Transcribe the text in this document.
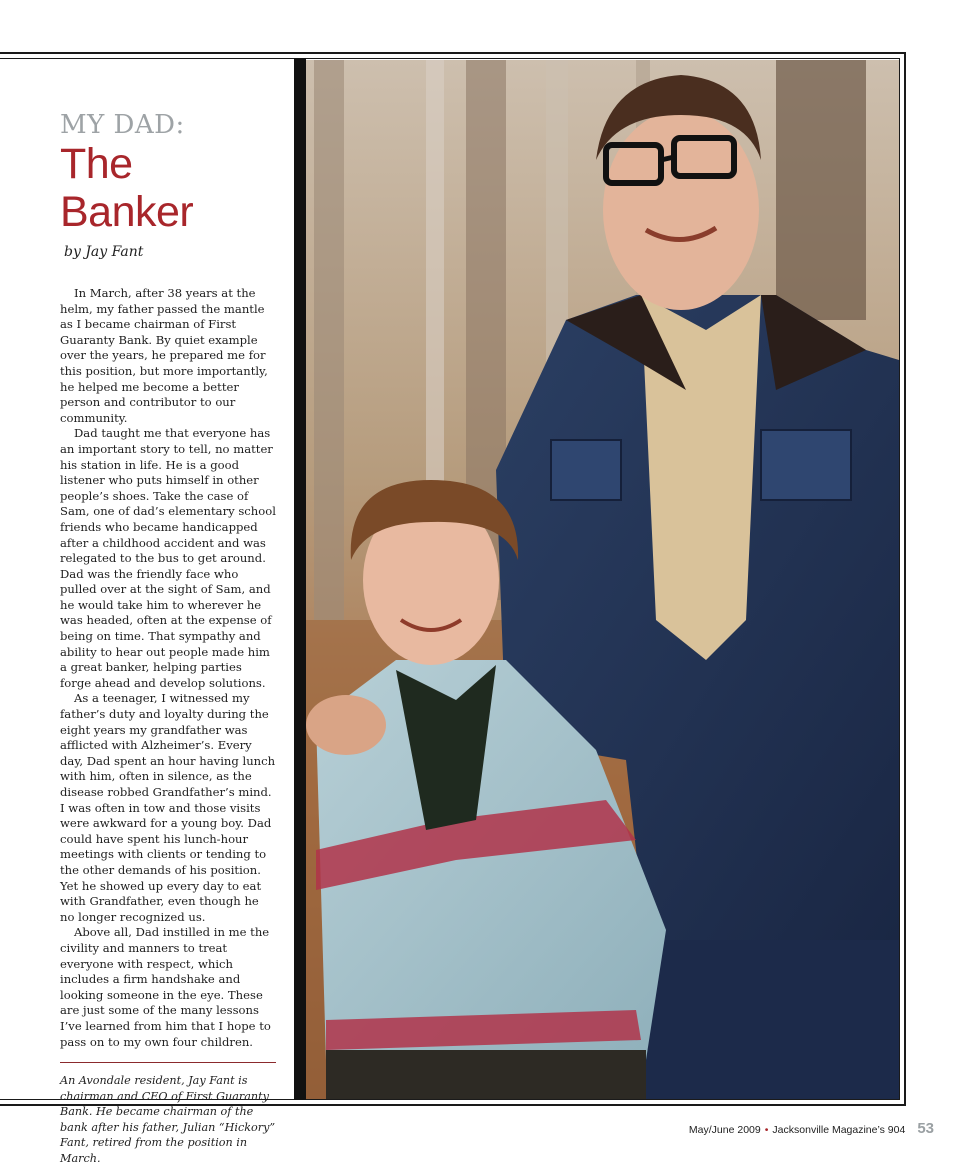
MY DAD:
The Banker
by Jay Fant

In March, after 38 years at the helm, my father passed the mantle as I became chairman of First Guaranty Bank. By quiet example over the years, he prepared me for this position, but more importantly, he helped me become a better person and contributor to our community.

Dad taught me that everyone has an important story to tell, no matter his station in life. He is a good listener who puts himself in other people’s shoes. Take the case of Sam, one of dad’s elementary school friends who became handicapped after a childhood accident and was relegated to the bus to get around. Dad was the friendly face who pulled over at the sight of Sam, and he would take him to wherever he was headed, often at the expense of being on time. That sympathy and ability to hear out people made him a great banker, helping parties forge ahead and develop solutions.

As a teenager, I witnessed my father’s duty and loyalty during the eight years my grandfather was afflicted with Alzheimer’s. Every day, Dad spent an hour having lunch with him, often in silence, as the disease robbed Grandfather’s mind. I was often in tow and those visits were awkward for a young boy. Dad could have spent his lunch-hour meetings with clients or tending to the other demands of his position. Yet he showed up every day to eat with Grandfather, even though he no longer recognized us.

Above all, Dad instilled in me the civility and manners to treat everyone with respect, which includes a firm handshake and looking someone in the eye. These are just some of the many lessons I’ve learned from him that I hope to pass on to my own four children.

An Avondale resident, Jay Fant is chairman and CEO of First Guaranty Bank. He became chairman of the bank after his father, Julian “Hickory” Fant, retired from the position in March.

May/June 2009 • Jacksonville Magazine’s 904 53
